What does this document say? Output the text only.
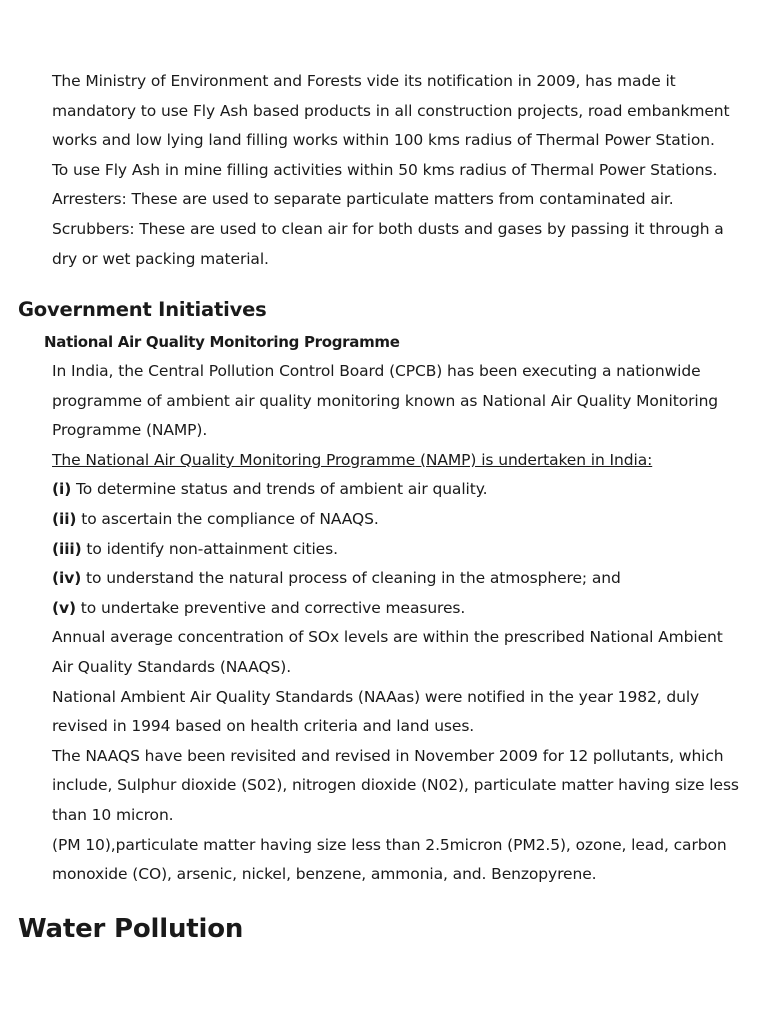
The Ministry of Environment and Forests vide its notification in 2009, has made it
mandatory to use Fly Ash based products in all construction projects, road embankment
works and low lying land filling works within 100 kms radius of Thermal Power Station.
To use Fly Ash in mine filling activities within 50 kms radius of Thermal Power Stations.
Arresters: These are used to separate particulate matters from contaminated air.
Scrubbers: These are used to clean air for both dusts and gases by passing it through a
dry or wet packing material.

Government Initiatives
National Air Quality Monitoring Programme

In India, the Central Pollution Control Board (CPCB) has been executing a nationwide
programme of ambient air quality monitoring known as National Air Quality Monitoring
Programme (NAMP).
The National Air Quality Monitoring Programme (NAMP) is undertaken in India:
(i) To determine status and trends of ambient air quality.
(ii) to ascertain the compliance of NAAQS.
(iii) to identify non-attainment cities.
(iv) to understand the natural process of cleaning in the atmosphere; and
(v) to undertake preventive and corrective measures.
Annual average concentration of SOx levels are within the prescribed National Ambient
Air Quality Standards (NAAQS).
National Ambient Air Quality Standards (NAAas) were notified in the year 1982, duly
revised in 1994 based on health criteria and land uses.
The NAAQS have been revisited and revised in November 2009 for 12 pollutants, which
include, Sulphur dioxide (S02), nitrogen dioxide (N02), particulate matter having size less
than 10 micron.
(PM 10),particulate matter having size less than 2.5micron (PM2.5), ozone, lead, carbon
monoxide (CO), arsenic, nickel, benzene, ammonia, and. Benzopyrene.

Water Pollution
